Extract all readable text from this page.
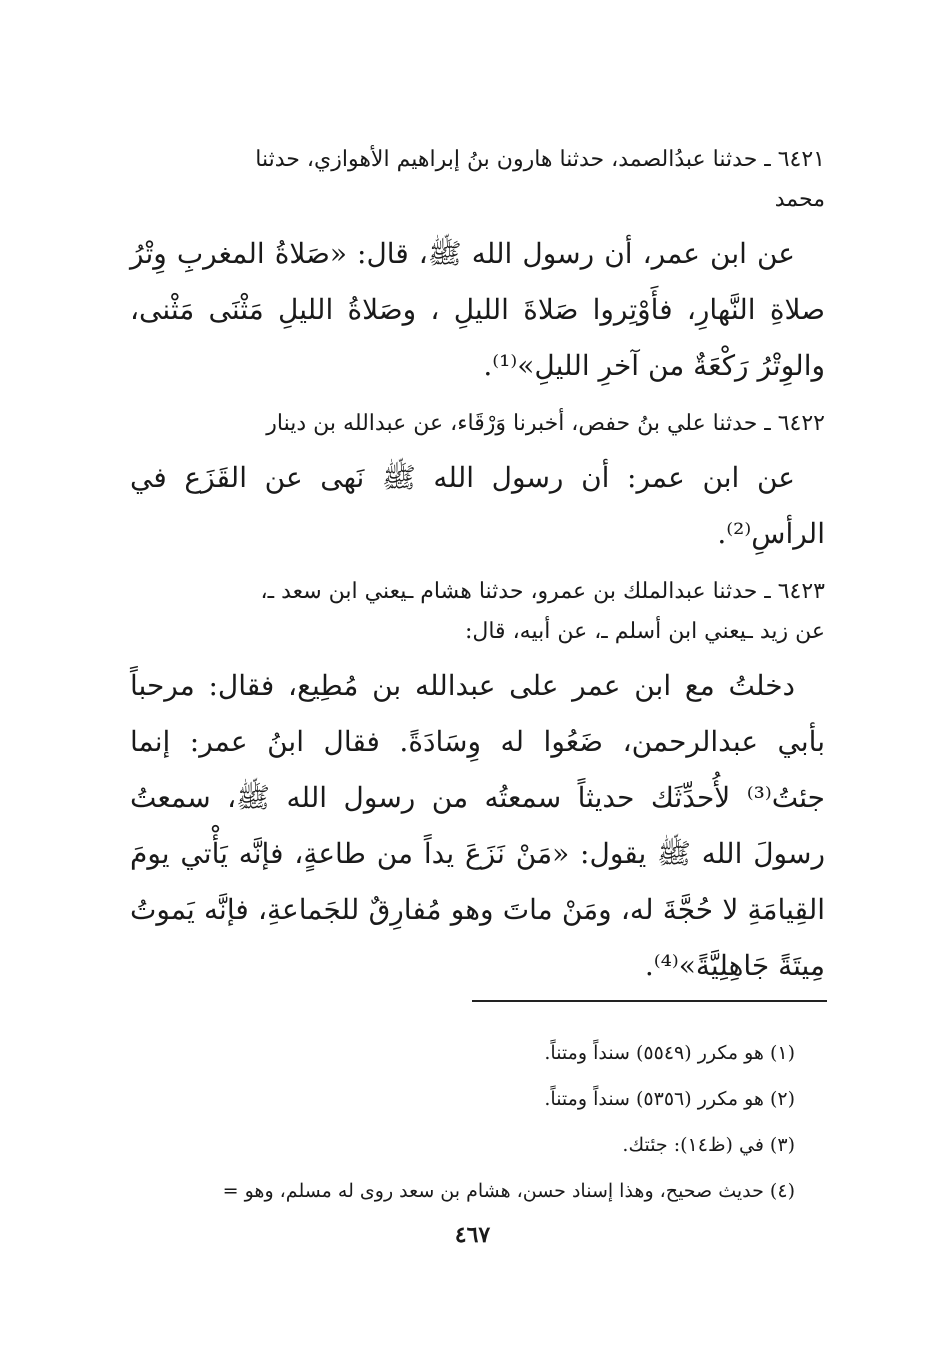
٦٤٢١ ـ حدثنا عبدُالصمد، حدثنا هارون بنُ إبراهيم الأهوازي، حدثنا

محمد

عن ابن عمر، أن رسول الله ﷺ، قال: «صَلاةُ المغربِ وِتْرُ صلاةِ النَّهارِ، فأَوْتِروا صَلاةَ الليلِ ، وصَلاةُ الليلِ مَثْنَى مَثْنى، والوِتْرُ رَكْعَةٌ من آخرِ الليلِ»⁽¹⁾.

٦٤٢٢ ـ حدثنا علي بنُ حفص، أخبرنا وَرْقَاء، عن عبدالله بن دينار

عن ابن عمر: أن رسول الله ﷺ نَهى عن القَزَع في الرأسِ⁽²⁾.

٦٤٢٣ ـ حدثنا عبدالملك بن عمرو، حدثنا هشام ـيعني ابن سعد ـ،

عن زيد ـيعني ابن أسلم ـ، عن أبيه، قال:

دخلتُ مع ابن عمر على عبدالله بن مُطِيع، فقال: مرحباً بأبي عبدالرحمن، ضَعُوا له وِسَادَةً. فقال ابنُ عمر: إنما جئتُ⁽³⁾ لأُحدِّثَك حديثاً سمعتُه من رسول الله ﷺ، سمعتُ رسولَ الله ﷺ يقول: «مَنْ نَزَعَ يداً من طاعةٍ، فإنَّه يَأْتي يومَ القِيامَةِ لا حُجَّةَ له، ومَنْ ماتَ وهو مُفارِقٌ للجَماعةِ، فإنَّه يَموتُ مِيتَةً جَاهِلِيَّةً»⁽⁴⁾.

(١) هو مكرر (٥٥٤٩) سنداً ومتناً.

(٢) هو مكرر (٥٣٥٦) سنداً ومتناً.

(٣) في (ظ١٤): جئتك.

(٤) حديث صحيح، وهذا إسناد حسن، هشام بن سعد روى له مسلم، وهو =

٤٦٧
